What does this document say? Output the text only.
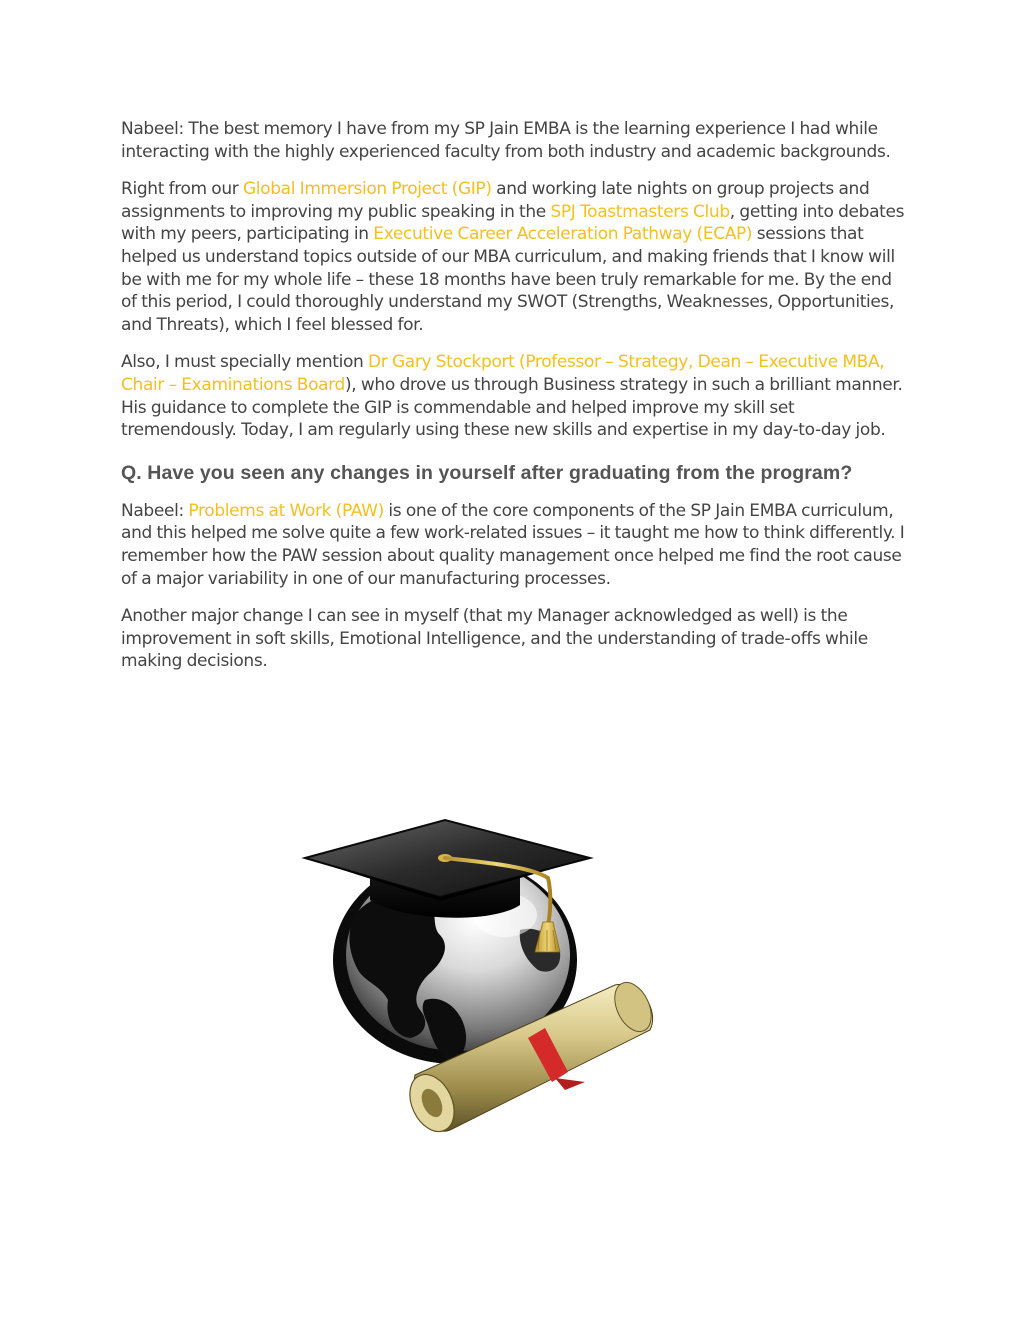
Nabeel: The best memory I have from my SP Jain EMBA is the learning experience I had while interacting with the highly experienced faculty from both industry and academic backgrounds.

Right from our Global Immersion Project (GIP) and working late nights on group projects and assignments to improving my public speaking in the SPJ Toastmasters Club, getting into debates with my peers, participating in Executive Career Acceleration Pathway (ECAP) sessions that helped us understand topics outside of our MBA curriculum, and making friends that I know will be with me for my whole life – these 18 months have been truly remarkable for me. By the end of this period, I could thoroughly understand my SWOT (Strengths, Weaknesses, Opportunities, and Threats), which I feel blessed for.

Also, I must specially mention Dr Gary Stockport (Professor – Strategy, Dean – Executive MBA, Chair – Examinations Board), who drove us through Business strategy in such a brilliant manner. His guidance to complete the GIP is commendable and helped improve my skill set tremendously. Today, I am regularly using these new skills and expertise in my day-to-day job.

Q. Have you seen any changes in yourself after graduating from the program?

Nabeel: Problems at Work (PAW) is one of the core components of the SP Jain EMBA curriculum, and this helped me solve quite a few work-related issues – it taught me how to think differently. I remember how the PAW session about quality management once helped me find the root cause of a major variability in one of our manufacturing processes.

Another major change I can see in myself (that my Manager acknowledged as well) is the improvement in soft skills, Emotional Intelligence, and the understanding of trade-offs while making decisions.
